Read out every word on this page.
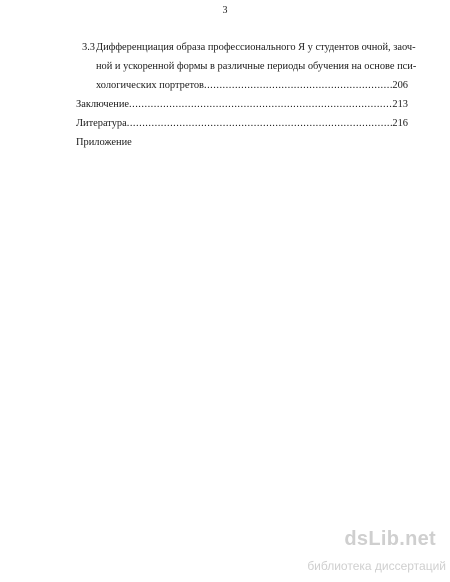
3
3.3 Дифференциация образа профессионального Я у студентов очной, заоч-
ной и ускоренной формы в различные периоды обучения на основе пси-
хологических портретов .....	206
Заключение .....	213
Литература .....	216
Приложение
dsLib.net
библиотека диссертаций
